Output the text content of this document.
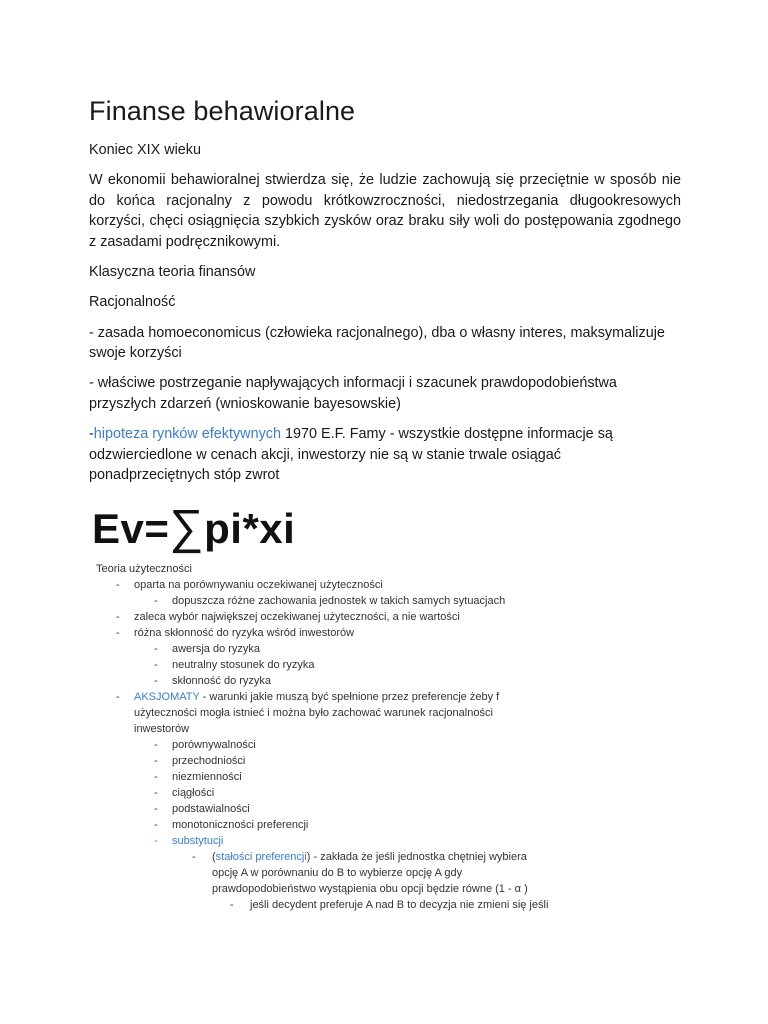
Finanse behawioralne
Koniec XIX wieku
W ekonomii behawioralnej stwierdza się, że ludzie zachowują się przeciętnie w sposób nie do końca racjonalny z powodu krótkowzroczności, niedostrzegania długookresowych korzyści, chęci osiągnięcia szybkich zysków oraz braku siły woli do postępowania zgodnego z zasadami podręcznikowymi.
Klasyczna teoria finansów
Racjonalność
- zasada homoeconomicus (człowieka racjonalnego), dba o własny interes, maksymalizuje swoje korzyści
- właściwe postrzeganie napływających informacji i szacunek prawdopodobieństwa przyszłych zdarzeń (wnioskowanie bayesowskie)
-hipoteza rynków efektywnych 1970 E.F. Famy - wszystkie dostępne informacje są odzwierciedlone w cenach akcji, inwestorzy nie są w stanie trwale osiągać ponadprzeciętnych stóp zwrot
Ev=∑pi*xi
Teoria użyteczności
- oparta na porównywaniu oczekiwanej użyteczności
- dopuszcza różne zachowania jednostek w takich samych sytuacjach
- zaleca wybór największej oczekiwanej użyteczności, a nie wartości
- różna skłonność do ryzyka wśród inwestorów
- awersja do ryzyka
- neutralny stosunek do ryzyka
- skłonność do ryzyka
- AKSJOMATY - warunki jakie muszą być spełnione przez preferencje żeby f
użyteczności mogła istnieć i można było zachować warunek racjonalności
inwestorów
- porównywalności
- przechodniości
- niezmienności
- ciągłości
- podstawialności
- monotoniczności preferencji
- substytucji
- (stałości preferencji) - zakłada że jeśli jednostka chętniej wybiera
opcję A w porównaniu do B to wybierze opcję A gdy
prawdopodobieństwo wystąpienia obu opcji będzie równe (1 - α )
- jeśli decydent preferuje A nad B to decyzja nie zmieni się jeśli
